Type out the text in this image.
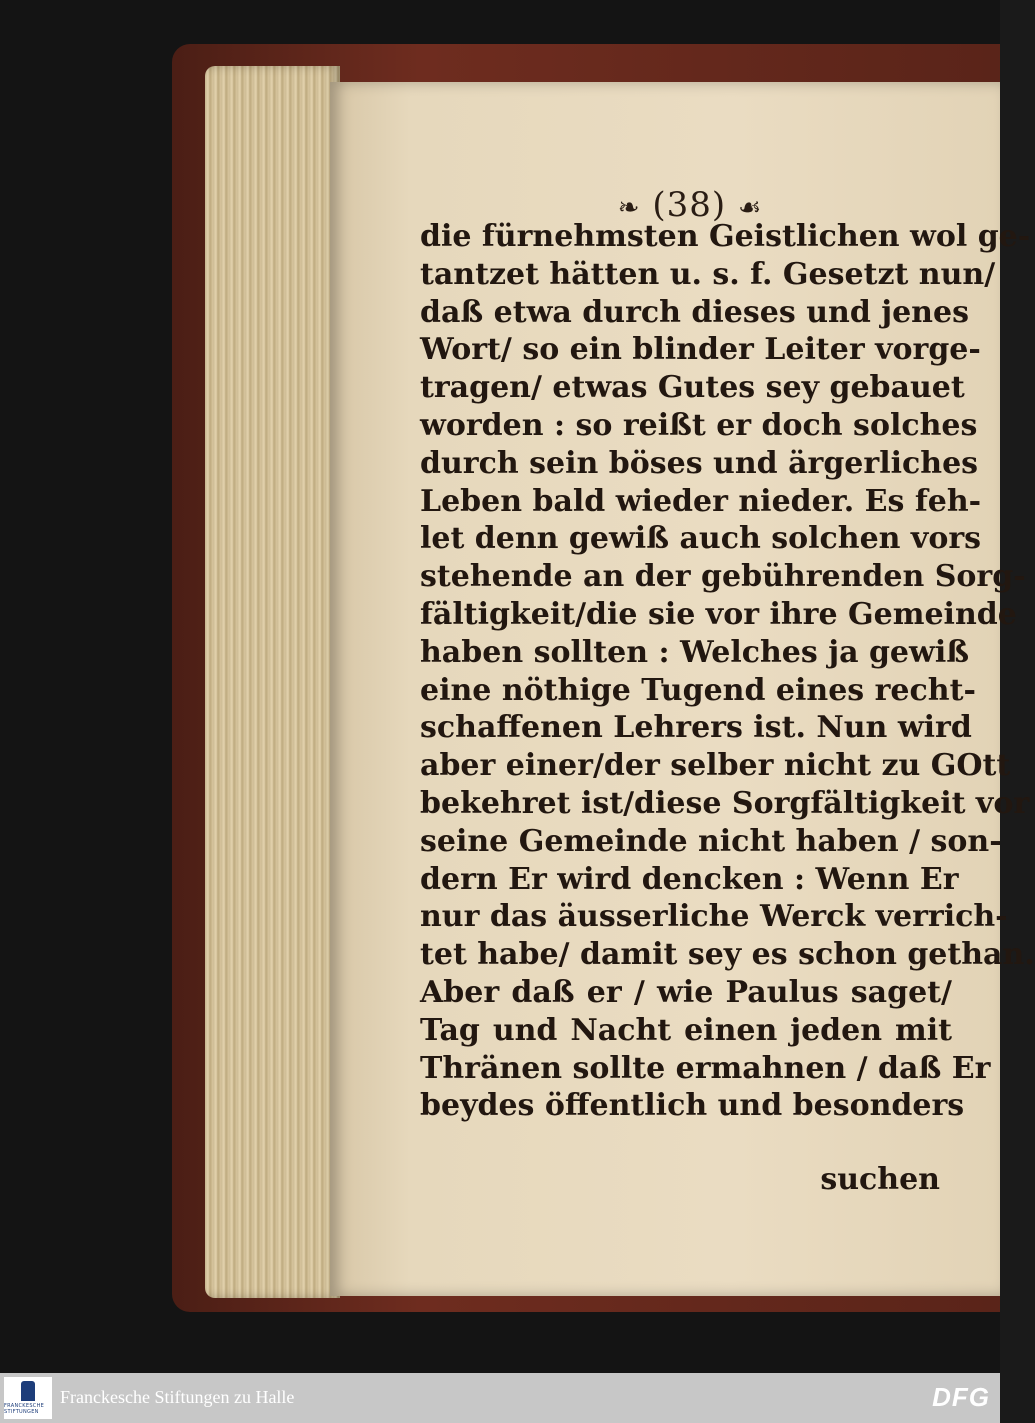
❧ (38) ☙
die fürnehmsten Geistlichen wol ge-
tantzet hätten u. s. f. Gesetzt nun/
daß etwa durch dieses und jenes
Wort/ so ein blinder Leiter vorge-
tragen/ etwas Gutes sey gebauet
worden : so reißt er doch solches
durch sein böses und ärgerliches
Leben bald wieder nieder. Es feh-
let denn gewiß auch solchen vors
stehende an der gebührenden Sorg-
fältigkeit/die sie vor ihre Gemeinde
haben sollten : Welches ja gewiß
eine nöthige Tugend eines recht-
schaffenen Lehrers ist. Nun wird
aber einer/der selber nicht zu GOtt
bekehret ist/diese Sorgfältigkeit vor
seine Gemeinde nicht haben / son-
dern Er wird dencken : Wenn Er
nur das äusserliche Werck verrich-
tet habe/ damit sey es schon gethan.
Aber daß er / wie Paulus saget/
Tag und Nacht einen jeden mit
Thränen sollte ermahnen / daß Er
beydes öffentlich und besonders
suchen
FRANCKESCHE STIFTUNGEN
Franckesche Stiftungen zu Halle	DFG
